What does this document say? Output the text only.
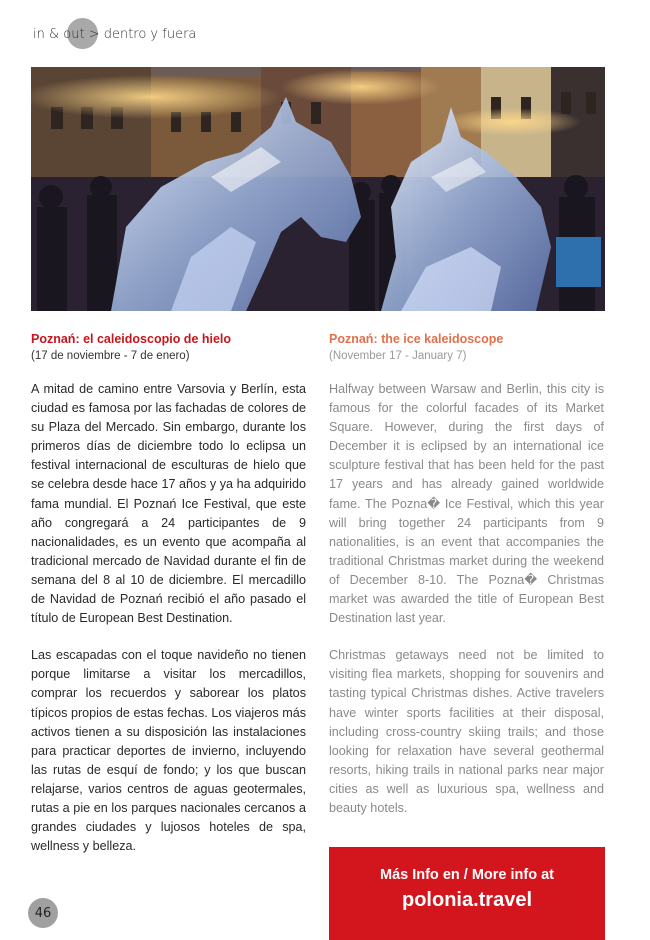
in & out > dentro y fuera

Poznań: el caleidoscopio de hielo

(17 de noviembre - 7 de enero)

A mitad de camino entre Varsovia y Berlín, esta ciudad es famosa por las fachadas de colores de su Plaza del Mercado. Sin embargo, durante los primeros días de diciembre todo lo eclipsa un festival internacional de esculturas de hielo que se celebra desde hace 17 años y ya ha adquirido fama mundial. El Poznań Ice Festival, que este año congregará a 24 participantes de 9 nacionalidades, es un evento que acompaña al tradicional mercado de Navidad durante el fin de semana del 8 al 10 de diciembre. El mercadillo de Navidad de Poznań recibió el año pasado el título de European Best Destination.

Las escapadas con el toque navideño no tienen porque limitarse a visitar los mercadillos, comprar los recuerdos y saborear los platos típicos propios de estas fechas. Los viajeros más activos tienen a su disposición las instalaciones para practicar deportes de invierno, incluyendo las rutas de esquí de fondo; y los que buscan relajarse, varios centros de aguas geotermales, rutas a pie en los parques nacionales cercanos a grandes ciudades y lujosos hoteles de spa, wellness y belleza.

Poznań: the ice kaleidoscope

(November 17 - January 7)

Halfway between Warsaw and Berlin, this city is famous for the colorful facades of its Market Square. However, during the first days of December it is eclipsed by an international ice sculpture festival that has been held for the past 17 years and has already gained worldwide fame. The Pozna� Ice Festival, which this year will bring together 24 participants from 9 nationalities, is an event that accompanies the traditional Christmas market during the weekend of December 8-10. The Pozna� Christmas market was awarded the title of European Best Destination last year.

Christmas getaways need not be limited to visiting flea markets, shopping for souvenirs and tasting typical Christmas dishes. Active travelers have winter sports facilities at their disposal, including cross-country skiing trails; and those looking for relaxation have several geothermal resorts, hiking trails in national parks near major cities as well as luxurious spa, wellness and beauty hotels.

Más Info en / More info at
polonia.travel
46
